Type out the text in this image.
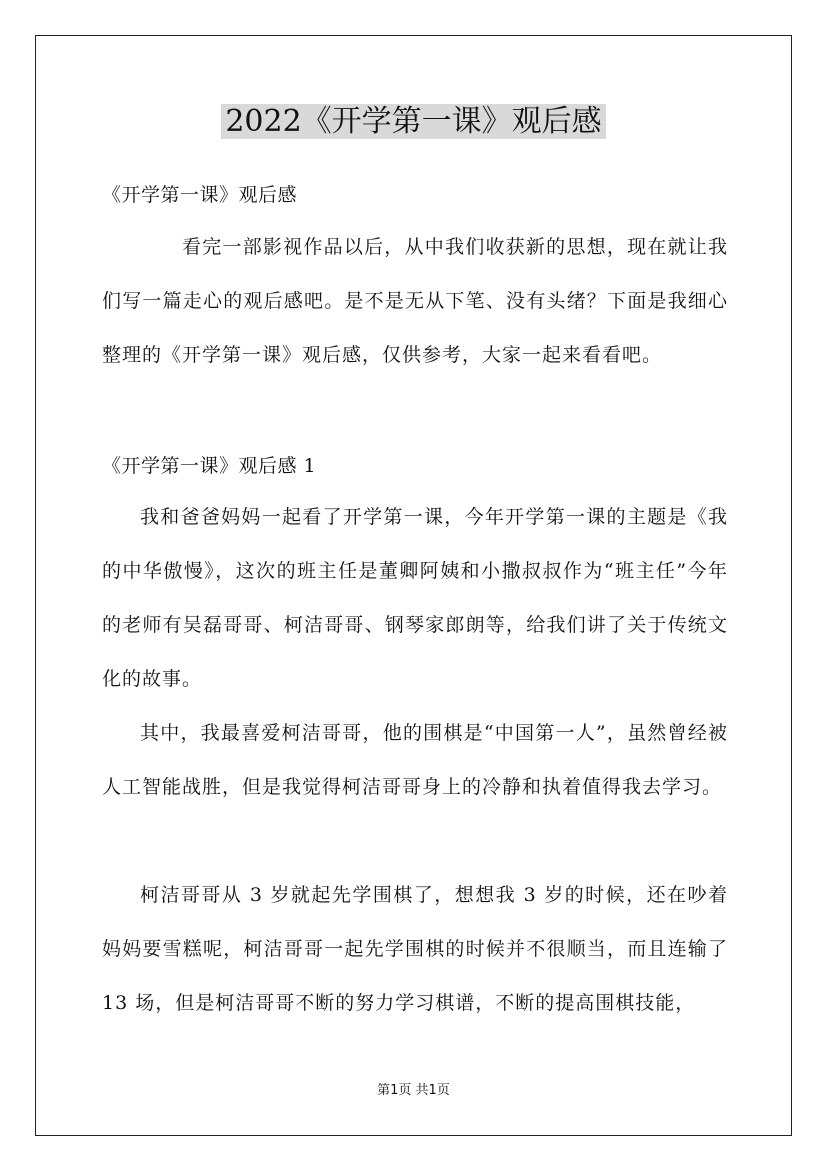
2022《开学第一课》观后感
《开学第一课》观后感
看完一部影视作品以后，从中我们收获新的思想，现在就让我们写一篇走心的观后感吧。是不是无从下笔、没有头绪？下面是我细心整理的《开学第一课》观后感，仅供参考，大家一起来看看吧。
《开学第一课》观后感 1
我和爸爸妈妈一起看了开学第一课，今年开学第一课的主题是《我的中华傲慢》，这次的班主任是董卿阿姨和小撒叔叔作为“班主任”今年的老师有吴磊哥哥、柯洁哥哥、钢琴家郎朗等，给我们讲了关于传统文化的故事。
其中，我最喜爱柯洁哥哥，他的围棋是“中国第一人”，虽然曾经被人工智能战胜，但是我觉得柯洁哥哥身上的冷静和执着值得我去学习。
柯洁哥哥从 3 岁就起先学围棋了，想想我 3 岁的时候，还在吵着妈妈要雪糕呢，柯洁哥哥一起先学围棋的时候并不很顺当，而且连输了 13 场，但是柯洁哥哥不断的努力学习棋谱，不断的提高围棋技能，
第1页 共1页
